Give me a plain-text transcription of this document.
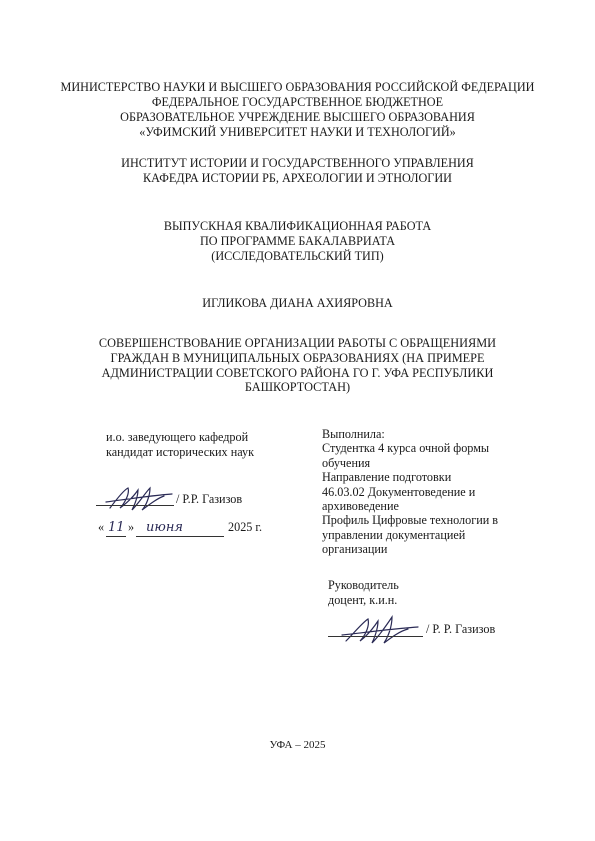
МИНИСТЕРСТВО НАУКИ И ВЫСШЕГО ОБРАЗОВАНИЯ РОССИЙСКОЙ ФЕДЕРАЦИИ
ФЕДЕРАЛЬНОЕ ГОСУДАРСТВЕННОЕ БЮДЖЕТНОЕ
ОБРАЗОВАТЕЛЬНОЕ УЧРЕЖДЕНИЕ ВЫСШЕГО ОБРАЗОВАНИЯ
«УФИМСКИЙ УНИВЕРСИТЕТ НАУКИ И ТЕХНОЛОГИЙ»
ИНСТИТУТ ИСТОРИИ И ГОСУДАРСТВЕННОГО УПРАВЛЕНИЯ
КАФЕДРА ИСТОРИИ РБ, АРХЕОЛОГИИ И ЭТНОЛОГИИ
ВЫПУСКНАЯ КВАЛИФИКАЦИОННАЯ РАБОТА
ПО ПРОГРАММЕ БАКАЛАВРИАТА
(ИССЛЕДОВАТЕЛЬСКИЙ ТИП)
ИГЛИКОВА ДИАНА АХИЯРОВНА
СОВЕРШЕНСТВОВАНИЕ ОРГАНИЗАЦИИ РАБОТЫ С ОБРАЩЕНИЯМИ
ГРАЖДАН В МУНИЦИПАЛЬНЫХ ОБРАЗОВАНИЯХ (НА ПРИМЕРЕ
АДМИНИСТРАЦИИ СОВЕТСКОГО РАЙОНА ГО Г. УФА РЕСПУБЛИКИ
БАШКОРТОСТАН)
и.о. заведующего кафедрой
кандидат исторических наук
/ Р.Р. Газизов
« 11 » июня	2025 г.
Выполнила:
Студентка 4 курса очной формы
обучения
Направление подготовки
46.03.02 Документоведение и
архивоведение
Профиль Цифровые технологии в
управлении документацией
организации
Руководитель
доцент, к.и.н.
/ Р. Р. Газизов
УФА – 2025
